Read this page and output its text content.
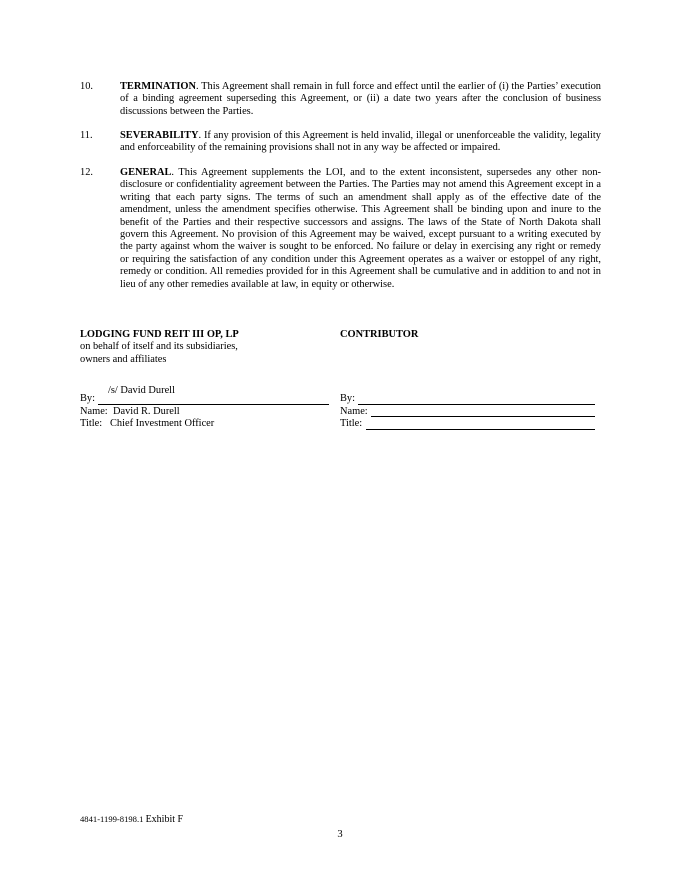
10.	TERMINATION. This Agreement shall remain in full force and effect until the earlier of (i) the Parties’ execution of a binding agreement superseding this Agreement, or (ii) a date two years after the conclusion of business discussions between the Parties.
11.	SEVERABILITY. If any provision of this Agreement is held invalid, illegal or unenforceable the validity, legality and enforceability of the remaining provisions shall not in any way be affected or impaired.
12.	GENERAL. This Agreement supplements the LOI, and to the extent inconsistent, supersedes any other non-disclosure or confidentiality agreement between the Parties. The Parties may not amend this Agreement except in a writing that each party signs. The terms of such an amendment shall apply as of the effective date of the amendment, unless the amendment specifies otherwise. This Agreement shall be binding upon and inure to the benefit of the Parties and their respective successors and assigns. The laws of the State of North Dakota shall govern this Agreement. No provision of this Agreement may be waived, except pursuant to a writing executed by the party against whom the waiver is sought to be enforced. No failure or delay in exercising any right or remedy or requiring the satisfaction of any condition under this Agreement operates as a waiver or estoppel of any right, remedy or condition. All remedies provided for in this Agreement shall be cumulative and in addition to and not in lieu of any other remedies available at law, in equity or otherwise.
LODGING FUND REIT III OP, LP
on behalf of itself and its subsidiaries,
owners and affiliates
CONTRIBUTOR
By:
/s/ David Durell
Name: David R. Durell
Title: Chief Investment Officer
By:
Name:
Title:
4841-1199-8198.1 Exhibit F
3
